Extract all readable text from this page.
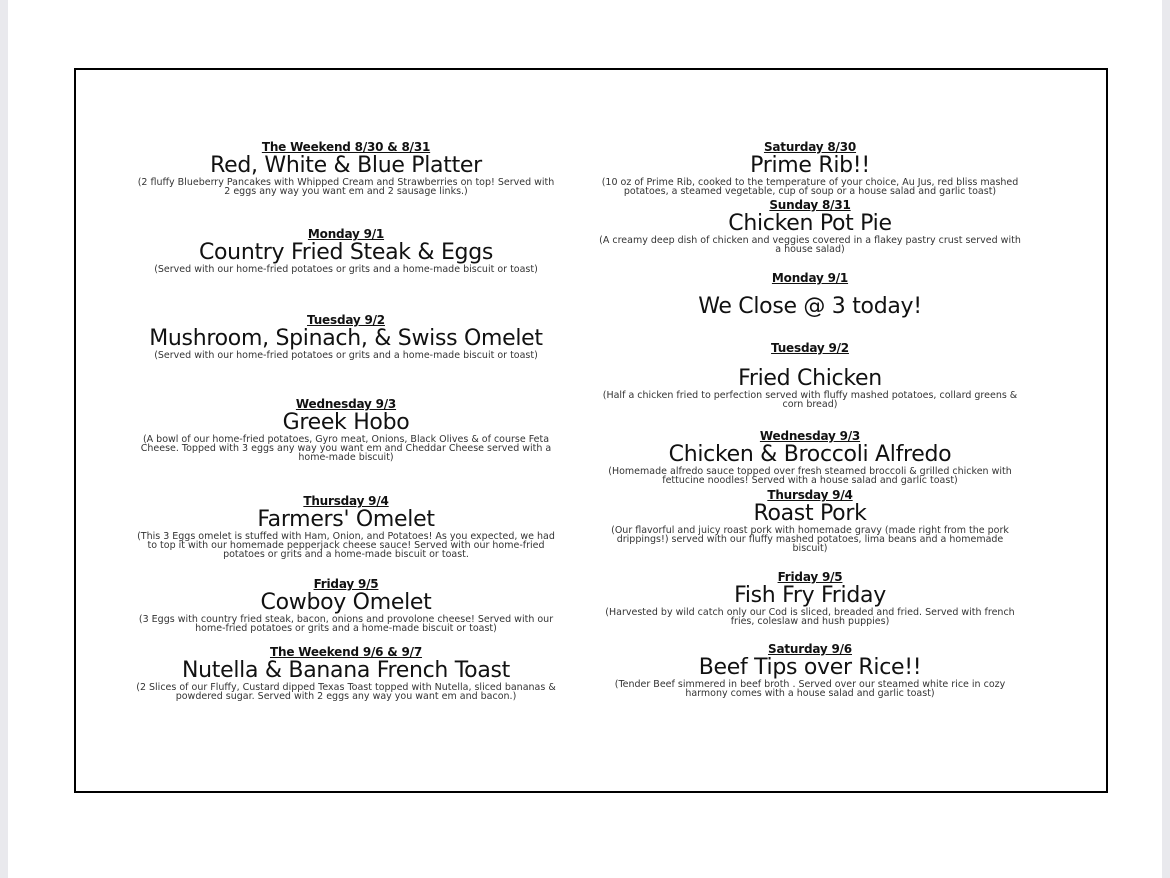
The Weekend 8/30 & 8/31
Red, White & Blue Platter
(2 fluffy Blueberry Pancakes with Whipped Cream and Strawberries on top! Served with 2 eggs any way you want em and 2 sausage links.)
Monday 9/1
Country Fried Steak & Eggs
(Served with our home-fried potatoes or grits and a home-made biscuit or toast)
Tuesday 9/2
Mushroom, Spinach, & Swiss Omelet
(Served with our home-fried potatoes or grits and a home-made biscuit or toast)
Wednesday 9/3
Greek Hobo
(A bowl of our home-fried potatoes, Gyro meat, Onions, Black Olives & of course Feta Cheese. Topped with 3 eggs any way you want em and Cheddar Cheese served with a home-made biscuit)
Thursday 9/4
Farmers' Omelet
(This 3 Eggs omelet is stuffed with Ham, Onion, and Potatoes! As you expected, we had to top it with our homemade pepperjack cheese sauce! Served with our home-fried potatoes or grits and a home-made biscuit or toast.
Friday 9/5
Cowboy Omelet
(3 Eggs with country fried steak, bacon, onions and provolone cheese! Served with our home-fried potatoes or grits and a home-made biscuit or toast)
The Weekend 9/6 & 9/7
Nutella & Banana French Toast
(2 Slices of our Fluffy, Custard dipped Texas Toast topped with Nutella, sliced bananas & powdered sugar. Served with 2 eggs any way you want em and bacon.)
Saturday 8/30
Prime Rib!!
(10 oz of Prime Rib, cooked to the temperature of your choice, Au Jus, red bliss mashed potatoes, a steamed vegetable, cup of soup or a house salad and garlic toast)
Sunday 8/31
Chicken Pot Pie
(A creamy deep dish of chicken and veggies covered in a flakey pastry crust served with a house salad)
Monday 9/1
We Close @ 3 today!
Tuesday 9/2
Fried Chicken
(Half a chicken fried to perfection served with fluffy mashed potatoes, collard greens & corn bread)
Wednesday 9/3
Chicken & Broccoli Alfredo
(Homemade alfredo sauce topped over fresh steamed broccoli & grilled chicken with fettucine noodles! Served with a house salad and garlic toast)
Thursday 9/4
Roast Pork
(Our flavorful and juicy roast pork with homemade gravy (made right from the pork drippings!) served with our fluffy mashed potatoes, lima beans and a homemade biscuit)
Friday 9/5
Fish Fry Friday
(Harvested by wild catch only our Cod is sliced, breaded and fried. Served with french fries, coleslaw and hush puppies)
Saturday 9/6
Beef Tips over Rice!!
(Tender Beef simmered in beef broth . Served over our steamed white rice in cozy harmony comes with a house salad and garlic toast)
